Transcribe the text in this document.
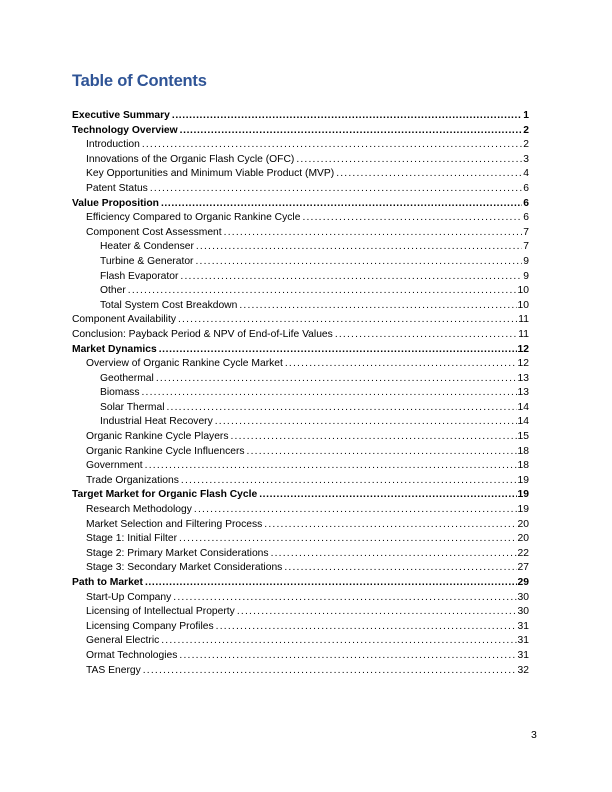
Table of Contents
Executive Summary .....	1
Technology Overview .....	2
Introduction .....	2
Innovations of the Organic Flash Cycle (OFC) .....	3
Key Opportunities and Minimum Viable Product (MVP) .....	4
Patent Status .....	6
Value Proposition .....	6
Efficiency Compared to Organic Rankine Cycle .....	6
Component Cost Assessment .....	7
Heater & Condenser .....	7
Turbine & Generator .....	9
Flash Evaporator .....	9
Other .....	10
Total System Cost Breakdown .....	10
Component Availability .....	11
Conclusion: Payback Period & NPV of End-of-Life Values .....	11
Market Dynamics .....	12
Overview of Organic Rankine Cycle Market .....	12
Geothermal .....	13
Biomass .....	13
Solar Thermal .....	14
Industrial Heat Recovery .....	14
Organic Rankine Cycle Players .....	15
Organic Rankine Cycle Influencers .....	18
Government .....	18
Trade Organizations .....	19
Target Market for Organic Flash Cycle .....	19
Research Methodology .....	19
Market Selection and Filtering Process .....	20
Stage 1: Initial Filter .....	20
Stage 2: Primary Market Considerations .....	22
Stage 3: Secondary Market Considerations .....	27
Path to Market .....	29
Start-Up Company .....	30
Licensing of Intellectual Property .....	30
Licensing Company Profiles .....	31
General Electric .....	31
Ormat Technologies .....	31
TAS Energy .....	32
3
